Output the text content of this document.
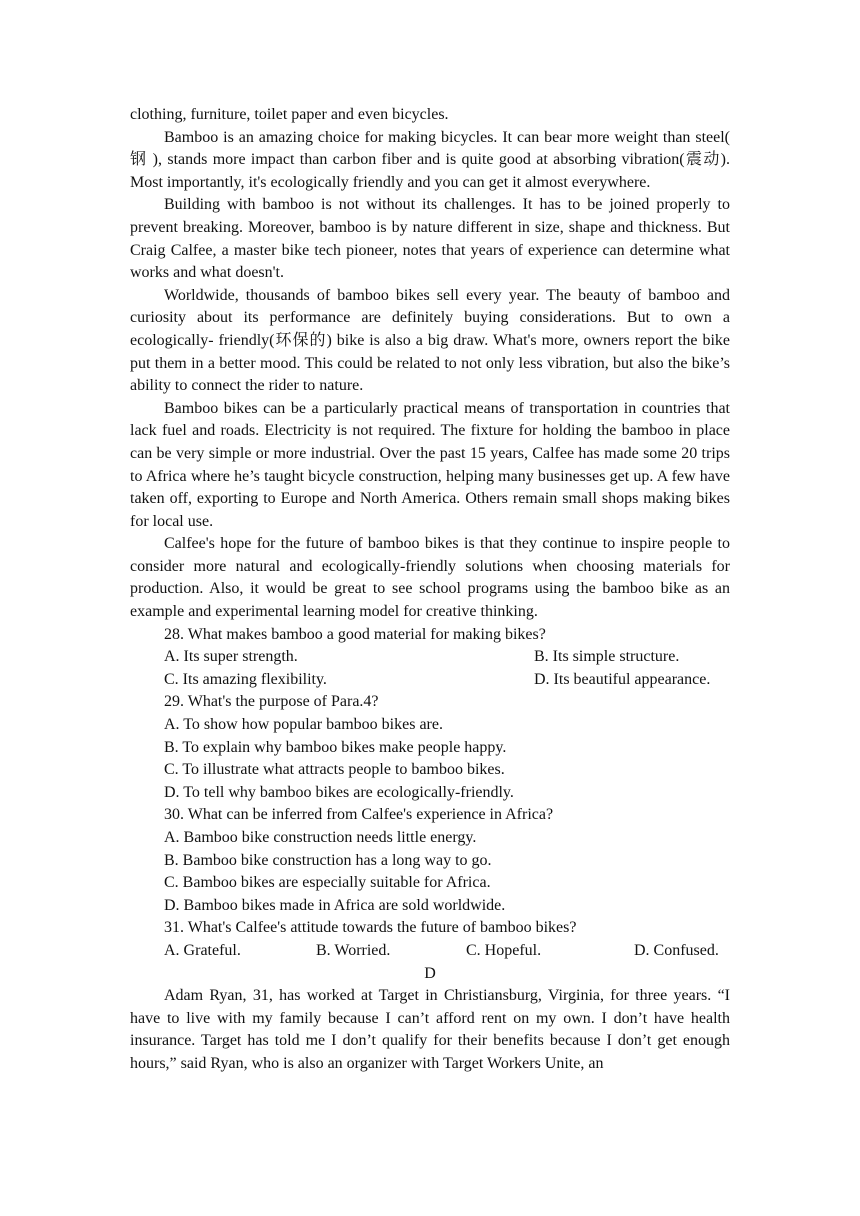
clothing, furniture, toilet paper and even bicycles.

Bamboo is an amazing choice for making bicycles. It can bear more weight than steel( 钢 ), stands more impact than carbon fiber and is quite good at absorbing vibration(震动). Most importantly, it's ecologically friendly and you can get it almost everywhere.

Building with bamboo is not without its challenges. It has to be joined properly to prevent breaking. Moreover, bamboo is by nature different in size, shape and thickness. But Craig Calfee, a master bike tech pioneer, notes that years of experience can determine what works and what doesn't.

Worldwide, thousands of bamboo bikes sell every year. The beauty of bamboo and curiosity about its performance are definitely buying considerations. But to own a ecologically- friendly(环保的) bike is also a big draw. What's more, owners report the bike put them in a better mood. This could be related to not only less vibration, but also the bike’s ability to connect the rider to nature.

Bamboo bikes can be a particularly practical means of transportation in countries that lack fuel and roads. Electricity is not required. The fixture for holding the bamboo in place can be very simple or more industrial. Over the past 15 years, Calfee has made some 20 trips to Africa where he’s taught bicycle construction, helping many businesses get up. A few have taken off, exporting to Europe and North America. Others remain small shops making bikes for local use.

Calfee's hope for the future of bamboo bikes is that they continue to inspire people to consider more natural and ecologically-friendly solutions when choosing materials for production. Also, it would be great to see school programs using the bamboo bike as an example and experimental learning model for creative thinking.

28. What makes bamboo a good material for making bikes?

A. Its super strength.	B. Its simple structure.
C. Its amazing flexibility.	D. Its beautiful appearance.

29. What's the purpose of Para.4?

A. To show how popular bamboo bikes are.

B. To explain why bamboo bikes make people happy.

C. To illustrate what attracts people to bamboo bikes.

D. To tell why bamboo bikes are ecologically-friendly.

30. What can be inferred from Calfee's experience in Africa?

A. Bamboo bike construction needs little energy.

B. Bamboo bike construction has a long way to go.

C. Bamboo bikes are especially suitable for Africa.

D. Bamboo bikes made in Africa are sold worldwide.

31. What's Calfee's attitude towards the future of bamboo bikes?

A. Grateful.	B. Worried.	C. Hopeful.	D. Confused.

D

Adam Ryan, 31, has worked at Target in Christiansburg, Virginia, for three years. “I have to live with my family because I can’t afford rent on my own. I don’t have health insurance. Target has told me I don’t qualify for their benefits because I don’t get enough hours,” said Ryan, who is also an organizer with Target Workers Unite, an
